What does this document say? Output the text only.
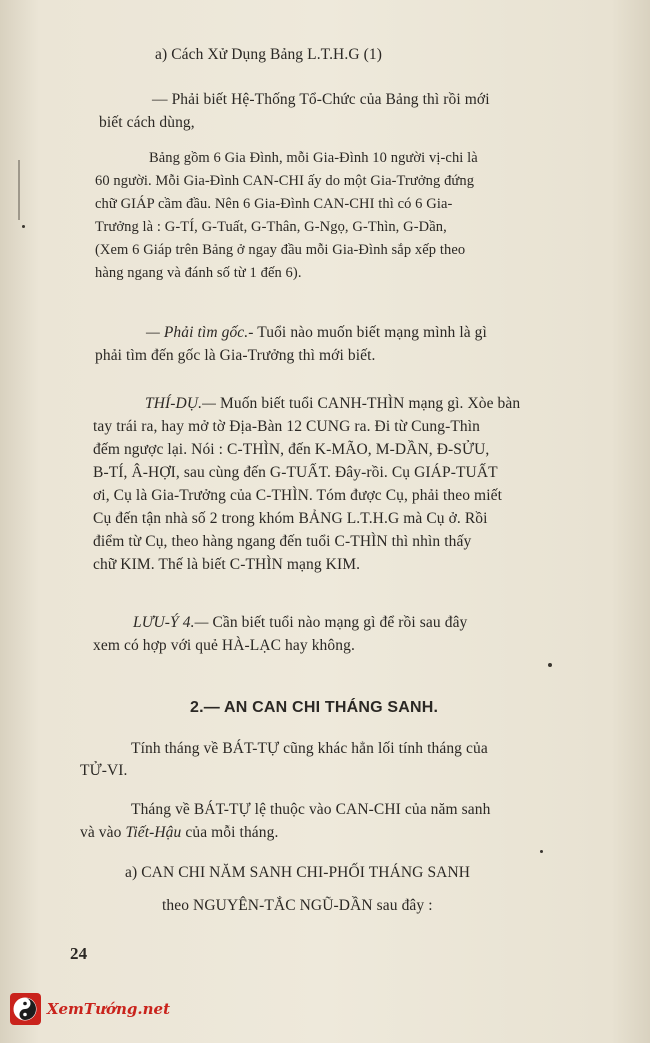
a) Cách Xử Dụng Bảng L.T.H.G (1)
— Phải biết Hệ-Thống Tổ-Chức của Bảng thì rồi mới
biết cách dùng,
Bảng gồm 6 Gia Đình, mỗi Gia-Đình 10 người vị-chi là
60 người. Mỗi Gia-Đình CAN-CHI ấy do một Gia-Trưởng đứng
chữ GIÁP cầm đầu. Nên 6 Gia-Đình CAN-CHI thì có 6 Gia-
Trưởng là : G-TÍ, G-Tuất, G-Thân, G-Ngọ, G-Thìn, G-Dần,
(Xem 6 Giáp trên Bảng ở ngay đầu mỗi Gia-Đình sắp xếp theo
hàng ngang và đánh số từ 1 đến 6).
— Phải tìm gốc.- Tuổi nào muốn biết mạng mình là gì
phải tìm đến gốc là Gia-Trưởng thì mới biết.
THÍ-DỤ.— Muốn biết tuổi CANH-THÌN mạng gì. Xòe bàn
tay trái ra, hay mở tờ Địa-Bàn 12 CUNG ra. Đi từ Cung-Thìn
đếm ngược lại. Nói : C-THÌN, đến K-MÃO, M-DẦN, Đ-SỬU,
B-TÍ, Â-HỢI, sau cùng đến G-TUẤT. Đây-rồi. Cụ GIÁP-TUẤT
ơi, Cụ là Gia-Trưởng của C-THÌN. Tóm được Cụ, phải theo miết
Cụ đến tận nhà số 2 trong khóm BẢNG L.T.H.G mà Cụ ở. Rồi
điểm từ Cụ, theo hàng ngang đến tuổi C-THÌN thì nhìn thấy
chữ KIM. Thế là biết C-THÌN mạng KIM.
LƯU-Ý 4.— Cần biết tuổi nào mạng gì để rồi sau đây
xem có hợp với quẻ HÀ-LẠC hay không.
2.— AN CAN CHI THÁNG SANH.
Tính tháng về BÁT-TỰ cũng khác hẳn lối tính tháng của
TỬ-VI.
Tháng về BÁT-TỰ lệ thuộc vào CAN-CHI của năm sanh
và vào Tiết-Hậu của mỗi tháng.
a) CAN CHI NĂM SANH CHI-PHỐI THÁNG SANH
theo NGUYÊN-TẮC NGŨ-DẦN sau đây :
24
XemTướng.net
